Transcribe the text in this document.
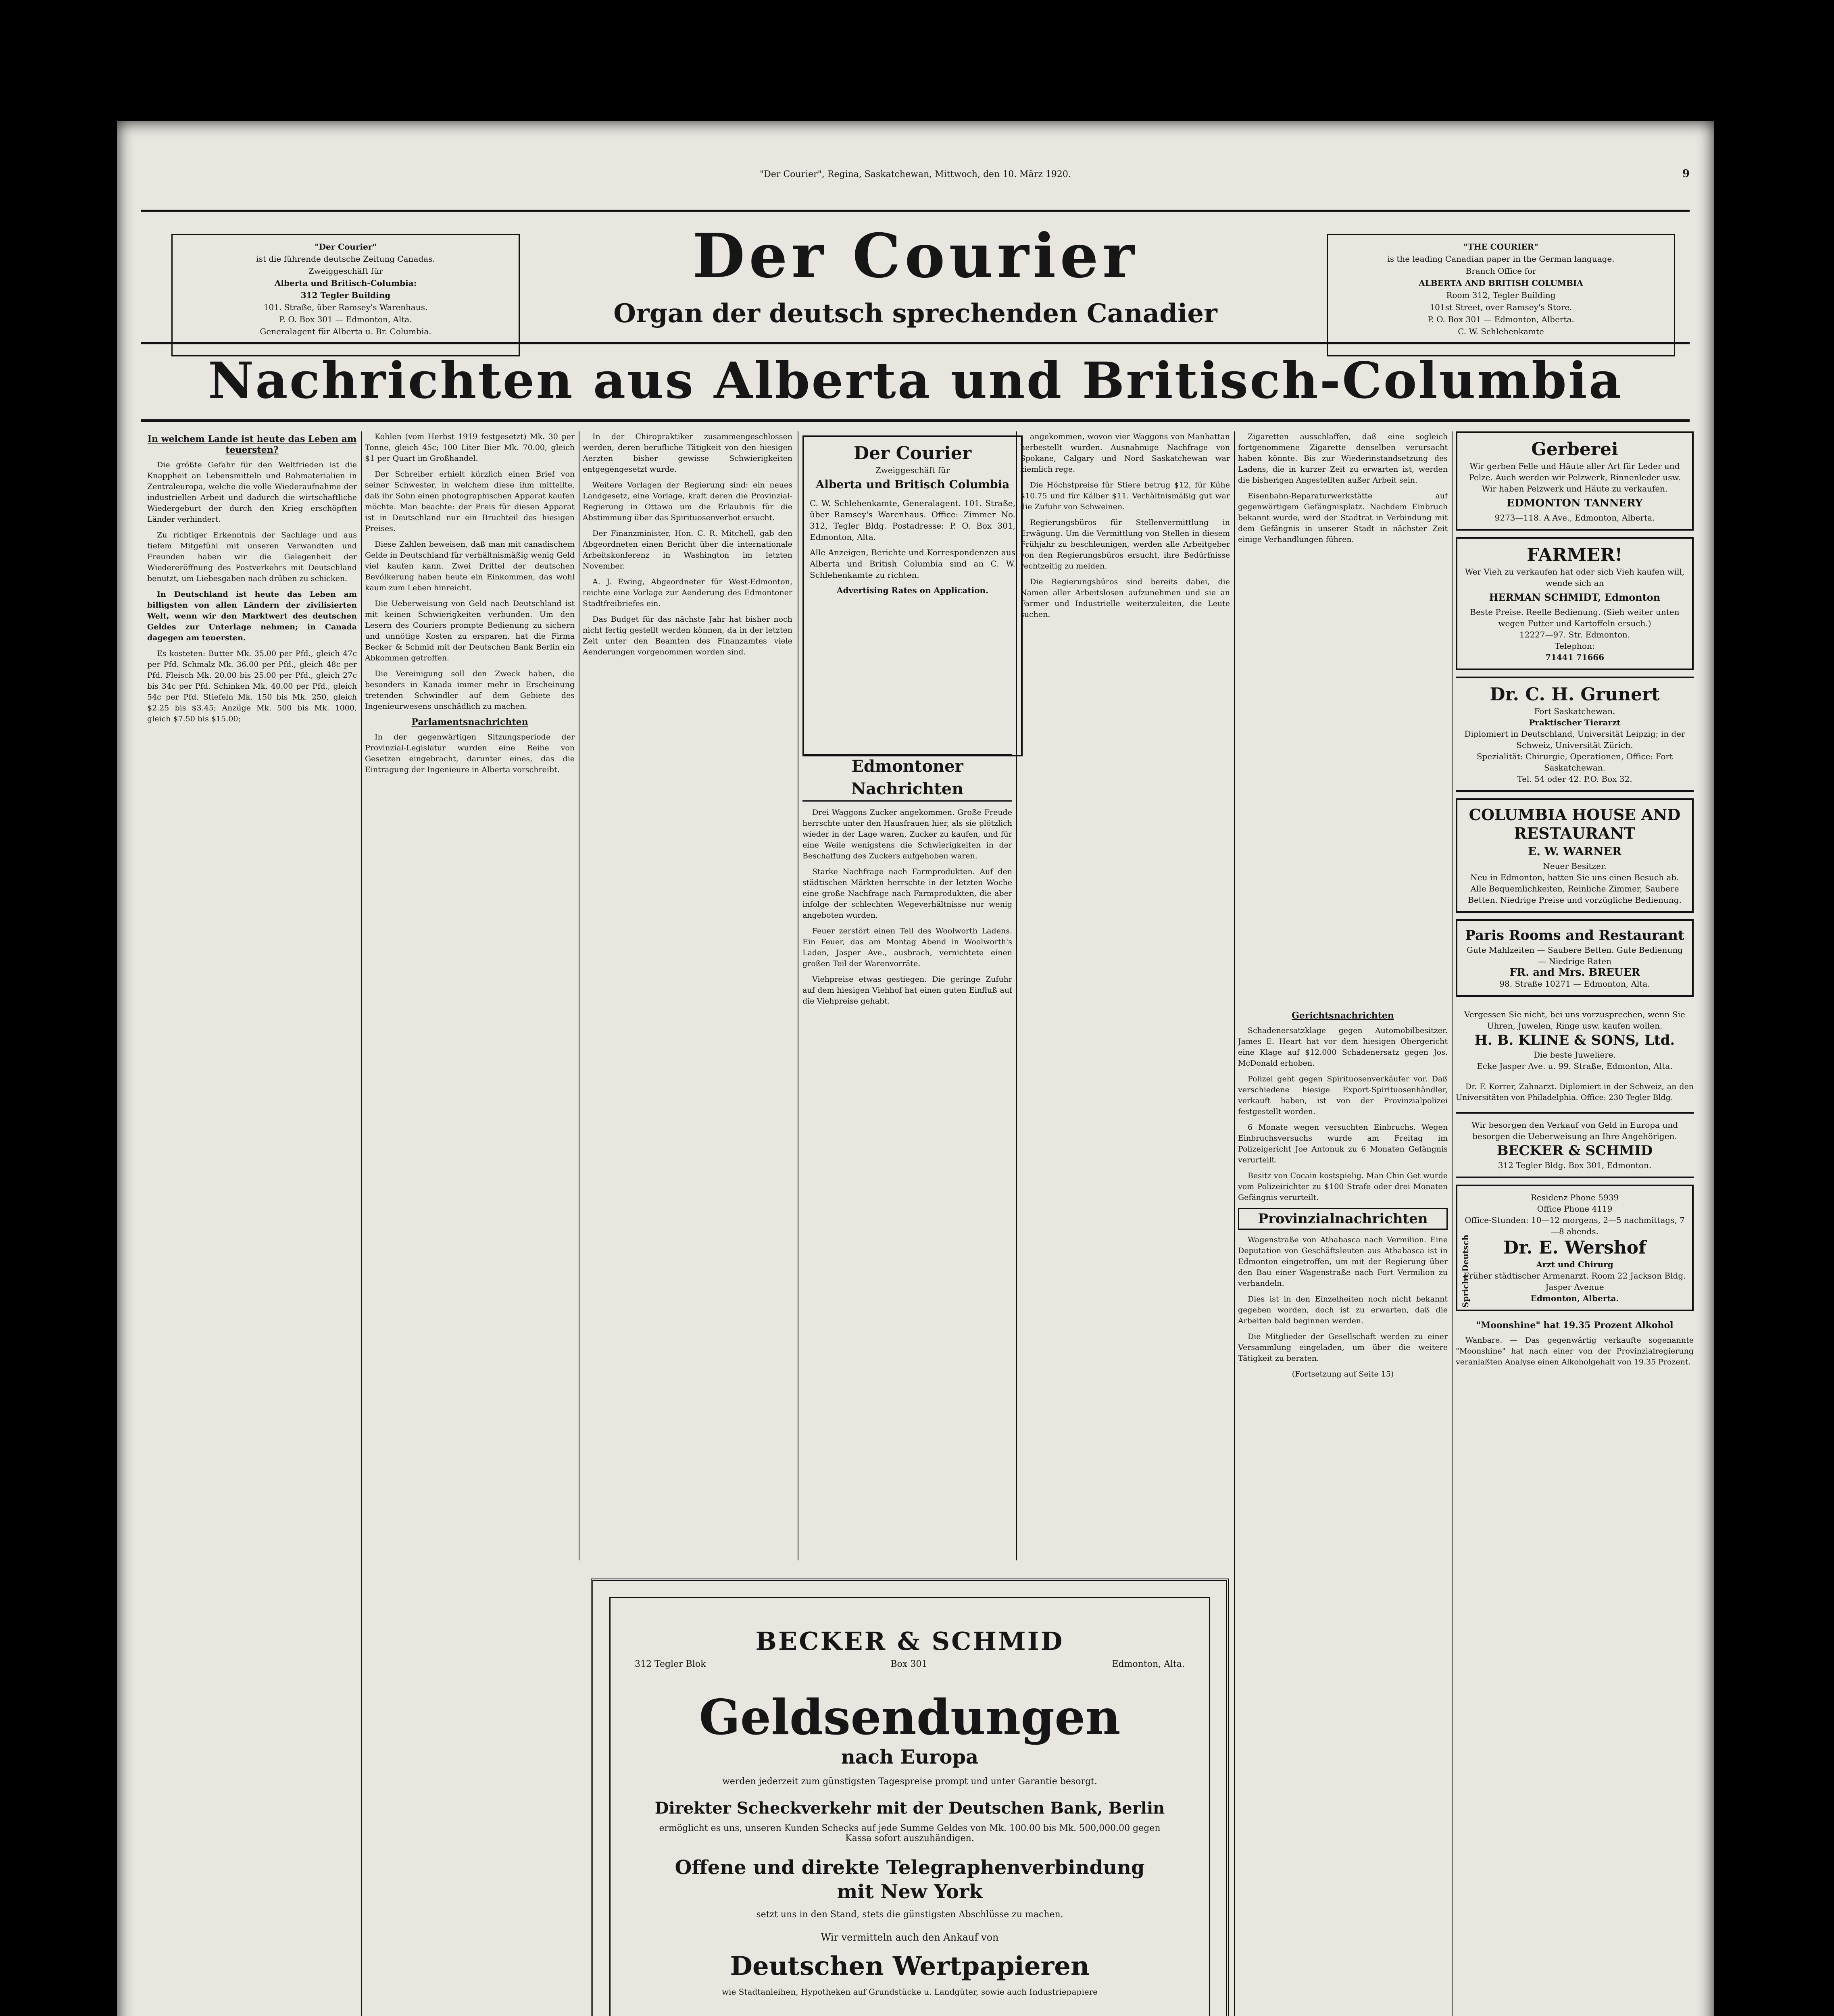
"Der Courier", Regina, Saskatchewan, Mittwoch, den 10. März 1920.	9
"Der Courier"
ist die führende deutsche Zeitung Canadas.
Zweiggeschäft für
Alberta und Britisch-Columbia:
312 Tegler Building
101. Straße, über Ramsey's Warenhaus.
P. O. Box 301 — Edmonton, Alta.
Generalagent für Alberta u. Br. Columbia.
Der Courier
Organ der deutsch sprechenden Canadier
"THE COURIER"
is the leading Canadian paper in the German language.
Branch Office for
ALBERTA AND BRITISH COLUMBIA
Room 312, Tegler Building
101st Street, over Ramsey's Store.
P. O. Box 301 — Edmonton, Alberta.
C. W. Schlehenkamte
Nachrichten aus Alberta und Britisch-Columbia
In welchem Lande ist heute das Leben am teuersten?

Die größte Gefahr für den Weltfrieden ist die Knappheit an Lebensmitteln und Rohmaterialien in Zentraleuropa, welche die volle Wiederaufnahme der industriellen Arbeit und dadurch die wirtschaftliche Wiedergeburt der durch den Krieg erschöpften Länder verhindert.

Zu richtiger Erkenntnis der Sachlage und aus tiefem Mitgefühl mit unseren Verwandten und Freunden haben wir die Gelegenheit der Wiedereröffnung des Postverkehrs mit Deutschland benutzt, um Liebesgaben nach drüben zu schicken.

In Deutschland ist heute das Leben am billigsten von allen Ländern der zivilisierten Welt, wenn wir den Marktwert des deutschen Geldes zur Unterlage nehmen; in Canada dagegen am teuersten.

Es kosteten: Butter Mk. 35.00 per Pfd., gleich 47c per Pfd. Schmalz Mk. 36.00 per Pfd., gleich 48c per Pfd. Fleisch Mk. 20.00 bis 25.00 per Pfd., gleich 27c bis 34c per Pfd. Schinken Mk. 40.00 per Pfd., gleich 54c per Pfd. Stiefeln Mk. 150 bis Mk. 250, gleich $2.25 bis $3.45; Anzüge Mk. 500 bis Mk. 1000, gleich $7.50 bis $15.00;

Kohlen (vom Herbst 1919 festgesetzt) Mk. 30 per Tonne, gleich 45c; 100 Liter Bier Mk. 70.00, gleich $1 per Quart im Großhandel.

Der Schreiber erhielt kürzlich einen Brief von seiner Schwester, in welchem diese ihm mitteilte, daß ihr Sohn einen photographischen Apparat kaufen möchte. Man beachte: der Preis für diesen Apparat ist in Deutschland nur ein Bruchteil des hiesigen Preises.

Diese Zahlen beweisen, daß man mit canadischem Gelde in Deutschland für verhältnismäßig wenig Geld viel kaufen kann. Zwei Drittel der deutschen Bevölkerung haben heute ein Einkommen, das wohl kaum zum Leben hinreicht.

Die Ueberweisung von Geld nach Deutschland ist mit keinen Schwierigkeiten verbunden. Um den Lesern des Couriers prompte Bedienung zu sichern und unnötige Kosten zu ersparen, hat die Firma Becker & Schmid mit der Deutschen Bank Berlin ein Abkommen getroffen.

Die Vereinigung soll den Zweck haben, die besonders in Kanada immer mehr in Erscheinung tretenden Schwindler auf dem Gebiete des Ingenieurwesens unschädlich zu machen.

Parlamentsnachrichten

In der gegenwärtigen Sitzungsperiode der Provinzial-Legislatur wurden eine Reihe von Gesetzen eingebracht, darunter eines, das die Eintragung der Ingenieure in Alberta vorschreibt.

In der Chiropraktiker zusammengeschlossen werden, deren berufliche Tätigkeit von den hiesigen Aerzten bisher gewisse Schwierigkeiten entgegengesetzt wurde.

Weitere Vorlagen der Regierung sind: ein neues Landgesetz, eine Vorlage, kraft deren die Provinzial-Regierung in Ottawa um die Erlaubnis für die Abstimmung über das Spirituosenverbot ersucht.

Der Finanzminister, Hon. C. R. Mitchell, gab den Abgeordneten einen Bericht über die internationale Arbeitskonferenz in Washington im letzten November.

A. J. Ewing, Abgeordneter für West-Edmonton, reichte eine Vorlage zur Aenderung des Edmontoner Stadtfreibriefes ein.

Das Budget für das nächste Jahr hat bisher noch nicht fertig gestellt werden können, da in der letzten Zeit unter den Beamten des Finanzamtes viele Aenderungen vorgenommen worden sind.

Der Courier
Zweiggeschäft für
Alberta und Britisch Columbia
C. W. Schlehenkamte, Generalagent. 101. Straße, über Ramsey's Warenhaus. Office: Zimmer No. 312, Tegler Bldg. Postadresse: P. O. Box 301, Edmonton, Alta.
Alle Anzeigen, Berichte und Korrespondenzen aus Alberta und British Columbia sind an C. W. Schlehenkamte zu richten.
Advertising Rates on Application.
Edmontoner Nachrichten

Drei Waggons Zucker angekommen. Große Freude herrschte unter den Hausfrauen hier, als sie plötzlich wieder in der Lage waren, Zucker zu kaufen, und für eine Weile wenigstens die Schwierigkeiten in der Beschaffung des Zuckers aufgehoben waren.

Starke Nachfrage nach Farmprodukten. Auf den städtischen Märkten herrschte in der letzten Woche eine große Nachfrage nach Farmprodukten, die aber infolge der schlechten Wegeverhältnisse nur wenig angeboten wurden.

Feuer zerstört einen Teil des Woolworth Ladens. Ein Feuer, das am Montag Abend in Woolworth's Laden, Jasper Ave., ausbrach, vernichtete einen großen Teil der Warenvorräte.

Viehpreise etwas gestiegen. Die geringe Zufuhr auf dem hiesigen Viehhof hat einen guten Einfluß auf die Viehpreise gehabt.

angekommen, wovon vier Waggons von Manhattan herbestellt wurden. Ausnahmige Nachfrage von Spokane, Calgary und Nord Saskatchewan war ziemlich rege.

Die Höchstpreise für Stiere betrug $12, für Kühe $10.75 und für Kälber $11. Verhältnismäßig gut war die Zufuhr von Schweinen.

Regierungsbüros für Stellenvermittlung in Erwägung. Um die Vermittlung von Stellen in diesem Frühjahr zu beschleunigen, werden alle Arbeitgeber von den Regierungsbüros ersucht, ihre Bedürfnisse rechtzeitig zu melden.

Die Regierungsbüros sind bereits dabei, die Namen aller Arbeitslosen aufzunehmen und sie an Farmer und Industrielle weiterzuleiten, die Leute suchen.

BECKER & SCHMID
312 Tegler Blok	Box 301	Edmonton, Alta.
Geldsendungen
nach Europa
werden jederzeit zum günstigsten Tagespreise prompt und unter Garantie besorgt.
Direkter Scheckverkehr mit der Deutschen Bank, Berlin
ermöglicht es uns, unseren Kunden Schecks auf jede Summe Geldes von Mk. 100.00 bis Mk. 500,000.00 gegen Kassa sofort auszuhändigen.
Offene und direkte Telegraphenverbindung mit New York
setzt uns in den Stand, stets die günstigsten Abschlüsse zu machen.
Wir vermitteln auch den Ankauf von
Deutschen Wertpapieren
wie Stadtanleihen, Hypotheken auf Grundstücke u. Landgüter, sowie auch Industriepapiere

Zigaretten ausschlaffen, daß eine sogleich fortgenommene Zigarette denselben verursacht haben könnte. Bis zur Wiederinstandsetzung des Ladens, die in kurzer Zeit zu erwarten ist, werden die bisherigen Angestellten außer Arbeit sein.

Eisenbahn-Reparaturwerkstätte auf gegenwärtigem Gefängnisplatz. Nachdem Einbruch bekannt wurde, wird der Stadtrat in Verbindung mit dem Gefängnis in unserer Stadt in nächster Zeit einige Verhandlungen führen.

Gerichtsnachrichten

Schadenersatzklage gegen Automobilbesitzer. James E. Heart hat vor dem hiesigen Obergericht eine Klage auf $12.000 Schadenersatz gegen Jos. McDonald erhoben.

Polizei geht gegen Spirituosenverkäufer vor. Daß verschiedene hiesige Export-Spirituosenhändler, verkauft haben, ist von der Provinzialpolizei festgestellt worden.

6 Monate wegen versuchten Einbruchs. Wegen Einbruchsversuchs wurde am Freitag im Polizeigericht Joe Antonuk zu 6 Monaten Gefängnis verurteilt.

Besitz von Cocain kostspielig. Man Chin Get wurde vom Polizeirichter zu $100 Strafe oder drei Monaten Gefängnis verurteilt.

Provinzialnachrichten

Wagenstraße von Athabasca nach Vermilion. Eine Deputation von Geschäftsleuten aus Athabasca ist in Edmonton eingetroffen, um mit der Regierung über den Bau einer Wagenstraße nach Fort Vermilion zu verhandeln.

Dies ist in den Einzelheiten noch nicht bekannt gegeben worden, doch ist zu erwarten, daß die Arbeiten bald beginnen werden.

Die Mitglieder der Gesellschaft werden zu einer Versammlung eingeladen, um über die weitere Tätigkeit zu beraten.

(Fortsetzung auf Seite 15)

Gerberei
Wir gerben Felle und Häute aller Art für Leder und Pelze. Auch werden wir Pelzwerk, Rinnenleder usw. Wir haben Pelzwerk und Häute zu verkaufen.
EDMONTON TANNERY
9273—118. A Ave., Edmonton, Alberta.
FARMER!
Wer Vieh zu verkaufen hat oder sich Vieh kaufen will, wende sich an
HERMAN SCHMIDT, Edmonton
Beste Preise. Reelle Bedienung. (Sieh weiter unten wegen Futter und Kartoffeln ersuch.)
12227—97. Str. Edmonton.
Telephon:
71441 71666
Dr. C. H. Grunert
Fort Saskatchewan.
Praktischer Tierarzt
Diplomiert in Deutschland, Universität Leipzig; in der Schweiz, Universität Zürich.
Spezialität: Chirurgie, Operationen, Office: Fort Saskatchewan.
Tel. 54 oder 42. P.O. Box 32.
COLUMBIA HOUSE AND RESTAURANT
E. W. WARNER
Neuer Besitzer.
Neu in Edmonton, hatten Sie uns einen Besuch ab. Alle Bequemlichkeiten, Reinliche Zimmer, Saubere Betten. Niedrige Preise und vorzügliche Bedienung.
Paris Rooms and Restaurant
Gute Mahlzeiten — Saubere Betten. Gute Bedienung — Niedrige Raten
FR. and Mrs. BREUER
98. Straße 10271 — Edmonton, Alta.
Vergessen Sie nicht, bei uns vorzusprechen, wenn Sie Uhren, Juwelen, Ringe usw. kaufen wollen.
H. B. KLINE & SONS, Ltd.
Die beste Juweliere.
Ecke Jasper Ave. u. 99. Straße, Edmonton, Alta.

Dr. F. Korrer, Zahnarzt. Diplomiert in der Schweiz, an den Universitäten von Philadelphia. Office: 230 Tegler Bldg.

Wir besorgen den Verkauf von Geld in Europa und besorgen die Ueberweisung an Ihre Angehörigen.
BECKER & SCHMID
312 Tegler Bldg. Box 301, Edmonton.
Residenz Phone 5939
Office Phone 4119
Office-Stunden: 10—12 morgens, 2—5 nachmittags, 7—8 abends.
Spricht Deutsch	Dr. E. Wershof
Arzt und Chirurg
Früher städtischer Armenarzt. Room 22 Jackson Bldg. Jasper Avenue
Edmonton, Alberta.
"Moonshine" hat 19.35 Prozent Alkohol

Wanbare. — Das gegenwärtig verkaufte sogenannte "Moonshine" hat nach einer von der Provinzialregierung veranlaßten Analyse einen Alkoholgehalt von 19.35 Prozent.
